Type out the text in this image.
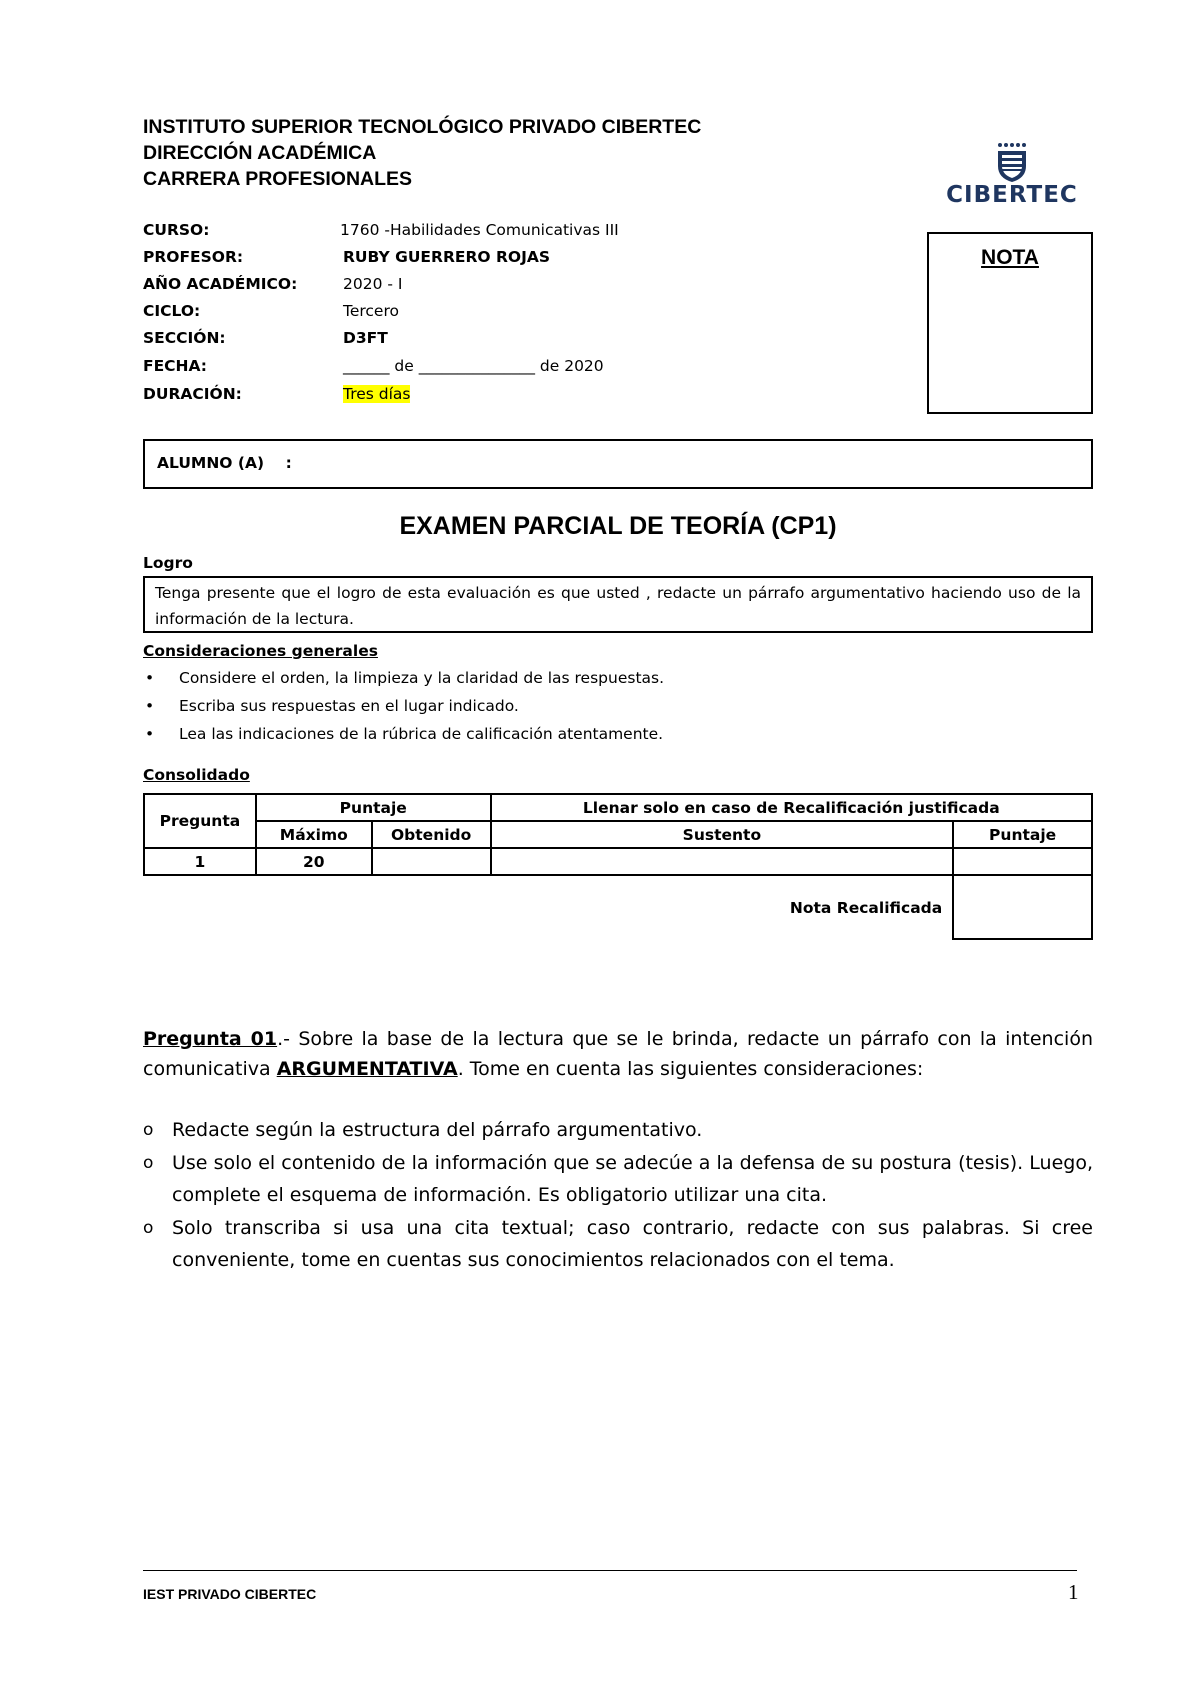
INSTITUTO SUPERIOR TECNOLÓGICO PRIVADO CIBERTEC
DIRECCIÓN ACADÉMICA
CARRERA PROFESIONALES
CIBERTEC
CURSO:	1760 -Habilidades Comunicativas III
PROFESOR:	RUBY GUERRERO ROJAS
AÑO ACADÉMICO:	2020 - I
CICLO:	Tercero
SECCIÓN:	D3FT
FECHA:	______ de _______________ de 2020
DURACIÓN:	Tres días
NOTA
ALUMNO (A)    :
EXAMEN PARCIAL DE TEORÍA (CP1)
Logro
Tenga presente que el logro de esta evaluación es que usted , redacte un párrafo argumentativo haciendo uso de la información de la lectura.
Consideraciones generales
• Considere el orden, la limpieza y la claridad de las respuestas.
• Escriba sus respuestas en el lugar indicado.
• Lea las indicaciones de la rúbrica de calificación atentamente.
Consolidado
Pregunta	Puntaje		Llenar solo en caso de Recalificación justificada	
	Máximo	Obtenido	Sustento	Puntaje
1	20			
Nota Recalificada				
Pregunta 01.- Sobre la base de la lectura que se le brinda, redacte un párrafo con la intención comunicativa ARGUMENTATIVA. Tome en cuenta las siguientes consideraciones:
o Redacte según la estructura del párrafo argumentativo.
o Use solo el contenido de la información que se adecúe a la defensa de su postura (tesis). Luego, complete el esquema de información. Es obligatorio utilizar una cita.
o Solo transcriba si usa una cita textual; caso contrario, redacte con sus palabras. Si cree conveniente, tome en cuentas sus conocimientos relacionados con el tema.
IEST PRIVADO CIBERTEC	1
